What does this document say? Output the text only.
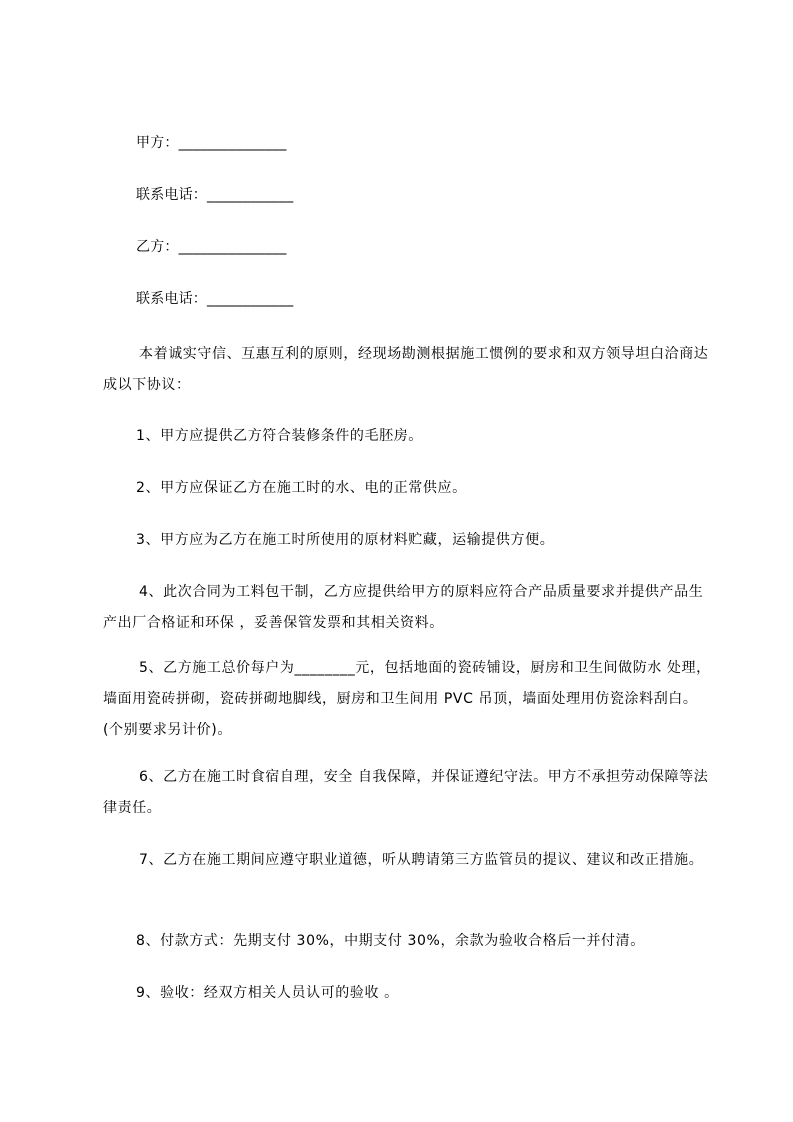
甲方：_______________
联系电话：____________
乙方：_______________
联系电话：____________
本着诚实守信、互惠互利的原则，经现场勘测根据施工惯例的要求和双方领导坦白洽商达成以下协议：
1、甲方应提供乙方符合装修条件的毛胚房。
2、甲方应保证乙方在施工时的水、电的正常供应。
3、甲方应为乙方在施工时所使用的原材料贮藏，运输提供方便。
4、此次合同为工料包干制，乙方应提供给甲方的原料应符合产品质量要求并提供产品生产出厂合格证和环保 ，妥善保管发票和其相关资料。
5、乙方施工总价每户为________元，包括地面的瓷砖铺设，厨房和卫生间做防水 处理，墙面用瓷砖拼砌，瓷砖拼砌地脚线，厨房和卫生间用 PVC 吊顶，墙面处理用仿瓷涂料刮白。(个别要求另计价)。
6、乙方在施工时食宿自理，安全 自我保障，并保证遵纪守法。甲方不承担劳动保障等法律责任。
7、乙方在施工期间应遵守职业道德，听从聘请第三方监管员的提议、建议和改正措施。
8、付款方式：先期支付 30%，中期支付 30%，余款为验收合格后一并付清。
9、验收：经双方相关人员认可的验收 。
